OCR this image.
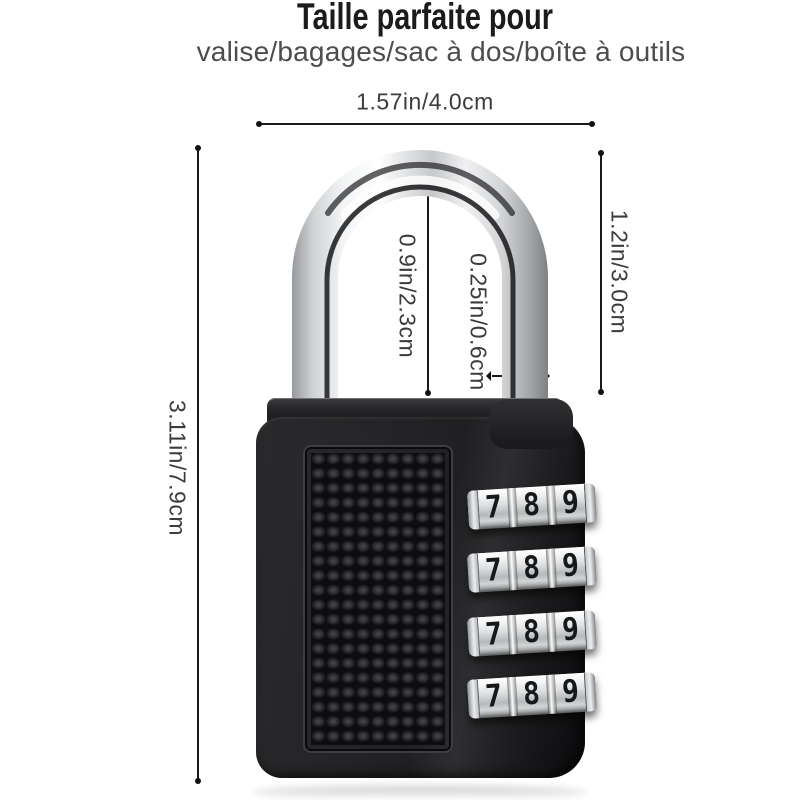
Taille parfaite pour
valise/bagages/sac à dos/boîte à outils
7 8 9
7 8 9
7 8 9
7 8 9
1.57in/4.0cm
3.11in/7.9cm
1.2in/3.0cm
0.9in/2.3cm 0.25in/0.6cm
